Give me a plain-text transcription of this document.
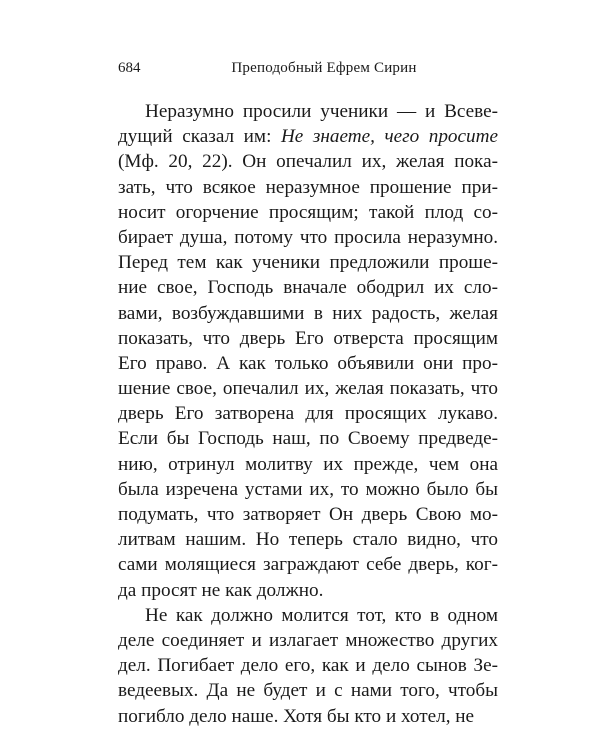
684	Преподобный Ефрем Сирин
Неразумно просили ученики — и Всеве-
дущий сказал им: Не знаете, чего просите
(Мф. 20, 22). Он опечалил их, желая пока-
зать, что всякое неразумное прошение при-
носит огорчение просящим; такой плод со-
бирает душа, потому что просила неразумно.
Перед тем как ученики предложили проше-
ние свое, Господь вначале ободрил их сло-
вами, возбуждавшими в них радость, желая
показать, что дверь Его отверста просящим
Его право. А как только объявили они про-
шение свое, опечалил их, желая показать, что
дверь Его затворена для просящих лукаво.
Если бы Господь наш, по Своему предведе-
нию, отринул молитву их прежде, чем она
была изречена устами их, то можно было бы
подумать, что затворяет Он дверь Свою мо-
литвам нашим. Но теперь стало видно, что
сами молящиеся заграждают себе дверь, ког-
да просят не как должно.
Не как должно молится тот, кто в одном
деле соединяет и излагает множество других
дел. Погибает дело его, как и дело сынов Зе-
ведеевых. Да не будет и с нами того, чтобы
погибло дело наше. Хотя бы кто и хотел, не
